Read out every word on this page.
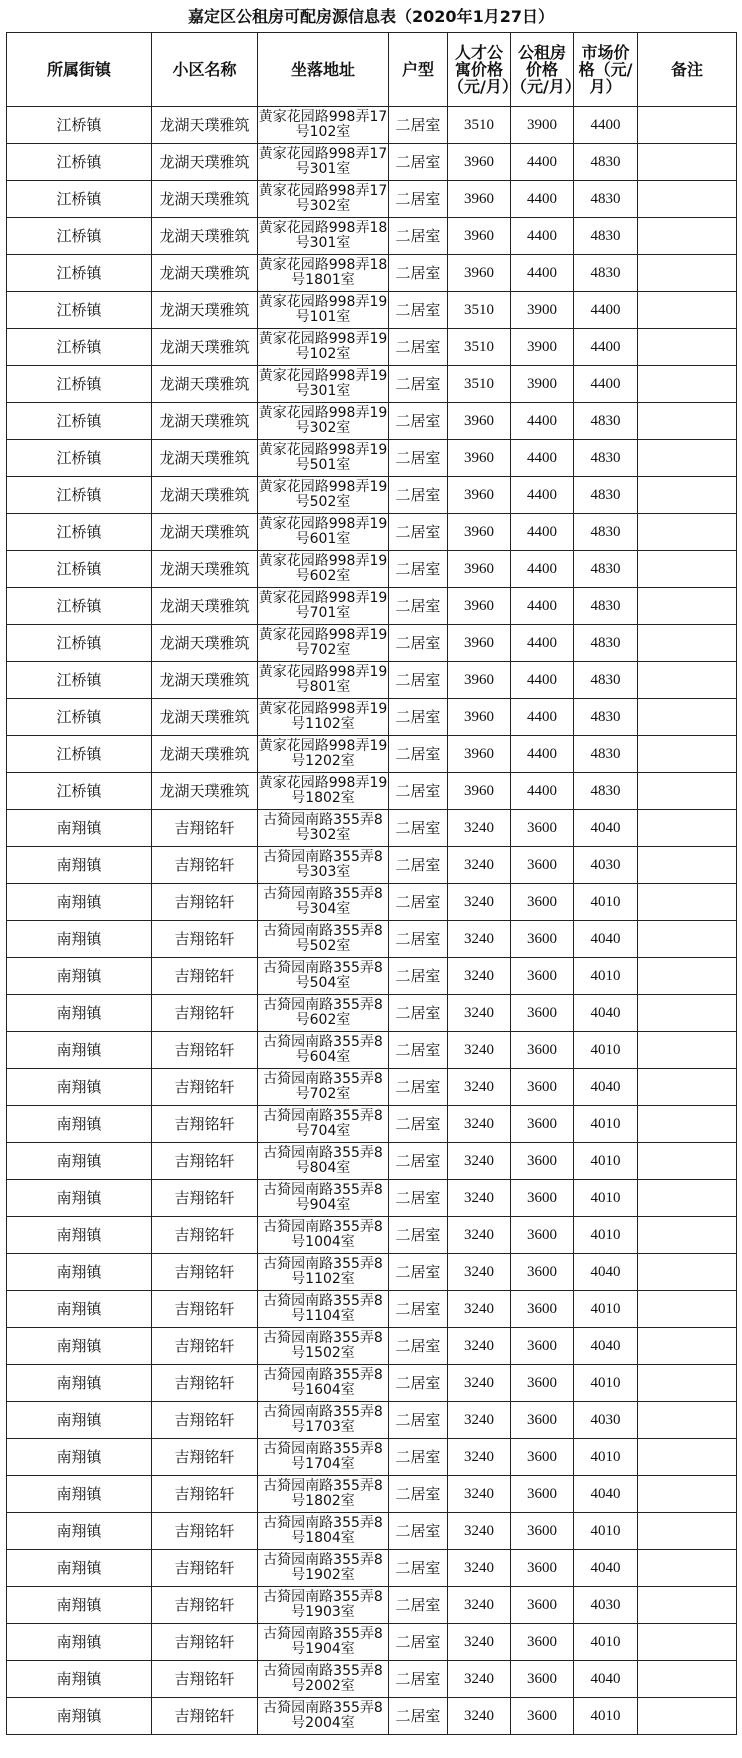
嘉定区公租房可配房源信息表（2020年1月27日）
所属街镇	小区名称	坐落地址	户型	人才公寓价格（元/月）	公租房价格（元/月）	市场价格（元/月）	备注
江桥镇	龙湖天璞雅筑	黄家花园路998弄17号102室	二居室	3510	3900	4400	
江桥镇	龙湖天璞雅筑	黄家花园路998弄17号301室	二居室	3960	4400	4830	
江桥镇	龙湖天璞雅筑	黄家花园路998弄17号302室	二居室	3960	4400	4830	
江桥镇	龙湖天璞雅筑	黄家花园路998弄18号301室	二居室	3960	4400	4830	
江桥镇	龙湖天璞雅筑	黄家花园路998弄18号1801室	二居室	3960	4400	4830	
江桥镇	龙湖天璞雅筑	黄家花园路998弄19号101室	二居室	3510	3900	4400	
江桥镇	龙湖天璞雅筑	黄家花园路998弄19号102室	二居室	3510	3900	4400	
江桥镇	龙湖天璞雅筑	黄家花园路998弄19号301室	二居室	3510	3900	4400	
江桥镇	龙湖天璞雅筑	黄家花园路998弄19号302室	二居室	3960	4400	4830	
江桥镇	龙湖天璞雅筑	黄家花园路998弄19号501室	二居室	3960	4400	4830	
江桥镇	龙湖天璞雅筑	黄家花园路998弄19号502室	二居室	3960	4400	4830	
江桥镇	龙湖天璞雅筑	黄家花园路998弄19号601室	二居室	3960	4400	4830	
江桥镇	龙湖天璞雅筑	黄家花园路998弄19号602室	二居室	3960	4400	4830	
江桥镇	龙湖天璞雅筑	黄家花园路998弄19号701室	二居室	3960	4400	4830	
江桥镇	龙湖天璞雅筑	黄家花园路998弄19号702室	二居室	3960	4400	4830	
江桥镇	龙湖天璞雅筑	黄家花园路998弄19号801室	二居室	3960	4400	4830	
江桥镇	龙湖天璞雅筑	黄家花园路998弄19号1102室	二居室	3960	4400	4830	
江桥镇	龙湖天璞雅筑	黄家花园路998弄19号1202室	二居室	3960	4400	4830	
江桥镇	龙湖天璞雅筑	黄家花园路998弄19号1802室	二居室	3960	4400	4830	
南翔镇	吉翔铭轩	古猗园南路355弄8号302室	二居室	3240	3600	4040	
南翔镇	吉翔铭轩	古猗园南路355弄8号303室	二居室	3240	3600	4030	
南翔镇	吉翔铭轩	古猗园南路355弄8号304室	二居室	3240	3600	4010	
南翔镇	吉翔铭轩	古猗园南路355弄8号502室	二居室	3240	3600	4040	
南翔镇	吉翔铭轩	古猗园南路355弄8号504室	二居室	3240	3600	4010	
南翔镇	吉翔铭轩	古猗园南路355弄8号602室	二居室	3240	3600	4040	
南翔镇	吉翔铭轩	古猗园南路355弄8号604室	二居室	3240	3600	4010	
南翔镇	吉翔铭轩	古猗园南路355弄8号702室	二居室	3240	3600	4040	
南翔镇	吉翔铭轩	古猗园南路355弄8号704室	二居室	3240	3600	4010	
南翔镇	吉翔铭轩	古猗园南路355弄8号804室	二居室	3240	3600	4010	
南翔镇	吉翔铭轩	古猗园南路355弄8号904室	二居室	3240	3600	4010	
南翔镇	吉翔铭轩	古猗园南路355弄8号1004室	二居室	3240	3600	4010	
南翔镇	吉翔铭轩	古猗园南路355弄8号1102室	二居室	3240	3600	4040	
南翔镇	吉翔铭轩	古猗园南路355弄8号1104室	二居室	3240	3600	4010	
南翔镇	吉翔铭轩	古猗园南路355弄8号1502室	二居室	3240	3600	4040	
南翔镇	吉翔铭轩	古猗园南路355弄8号1604室	二居室	3240	3600	4010	
南翔镇	吉翔铭轩	古猗园南路355弄8号1703室	二居室	3240	3600	4030	
南翔镇	吉翔铭轩	古猗园南路355弄8号1704室	二居室	3240	3600	4010	
南翔镇	吉翔铭轩	古猗园南路355弄8号1802室	二居室	3240	3600	4040	
南翔镇	吉翔铭轩	古猗园南路355弄8号1804室	二居室	3240	3600	4010	
南翔镇	吉翔铭轩	古猗园南路355弄8号1902室	二居室	3240	3600	4040	
南翔镇	吉翔铭轩	古猗园南路355弄8号1903室	二居室	3240	3600	4030	
南翔镇	吉翔铭轩	古猗园南路355弄8号1904室	二居室	3240	3600	4010	
南翔镇	吉翔铭轩	古猗园南路355弄8号2002室	二居室	3240	3600	4040	
南翔镇	吉翔铭轩	古猗园南路355弄8号2004室	二居室	3240	3600	4010	
